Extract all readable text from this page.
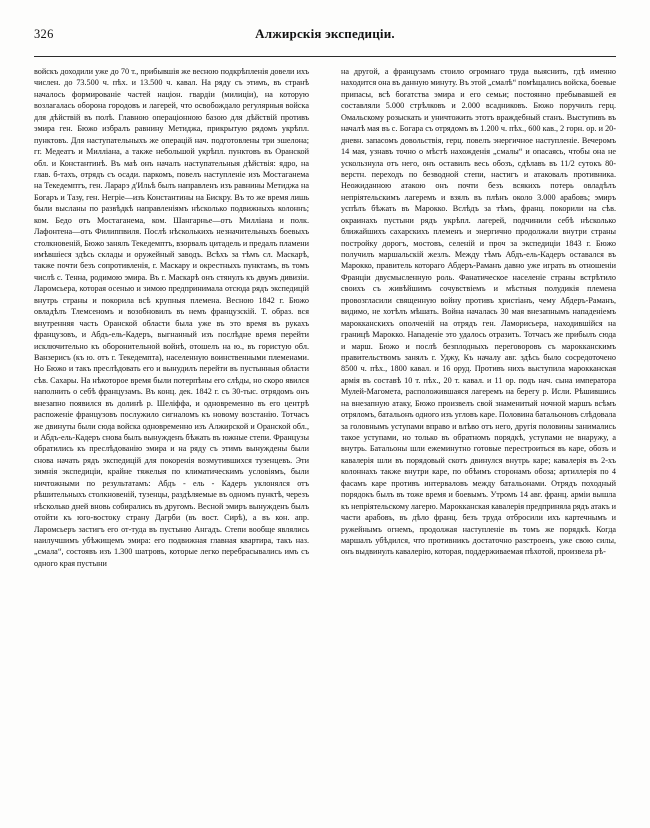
326	Алжирскія экспедиціи.

войскъ доходили уже до 70 т., прибывшія же весною подкрѣпленія довели ихъ числен. до 73.500 ч. пѣх. и 13.500 ч. кавал. На ряду съ этимъ, въ странѣ началось формированіе частей націон. гвардіи (милиціи), на которую возлагалась оборона городовъ и лагерей, что освобождало регулярныя войска для дѣйствій въ полѣ. Главною операціонною базою для дѣйствій противъ эмира ген. Бюжо избралъ равнину Метиджа, прикрытую рядомъ укрѣпл. пунктовъ. Для наступательныхъ же операцій нач. подготовлены три эшелона; гг. Медеатъ и Милліана, а также небольшой укрѣпл. пунктовъ въ Оранской обл. и Константинѣ. Въ маѣ онъ началъ наступательныя дѣйствія: ядро, на глав. б-тахъ, отрядъ съ осади. паркомъ, повелъ наступленіе изъ Мостаганема на Текедемптъ, ген. Ларарэ д'Ильѣ былъ направленъ изъ равнины Метиджа на Богаръ и Тазу, ген. Негріе—изъ Константины на Бискру. Въ то же время лишь были высланы по развѣдкѣ направленіямъ нѣсколько подвижныхъ колоннъ; ком. Бедо отъ Мостаганема, ком. Шангарнье—отъ Милліана и полк. Лафонтена—отъ Филиппвиля. Послѣ нѣсколькихъ незначительныхъ боевыхъ столкновеній, Бюжо занялъ Текедемптъ, взорвалъ цитадель и предалъ пламени имѣвшіеся здѣсь склады и оружейный заводъ. Всѣхъ за тѣмъ сл. Маскарѣ, также почти безъ сопротивленія, г. Маскару и окрестныхъ пунктамъ, въ томъ числѣ с. Тенна, родимою эмира. Въ г. Маскарѣ онъ стянулъ къ двумъ дивизіи. Ларомсьера, которая осенью и зимою предпринимала отсюда рядъ экспедицій внутрь страны и покорила всѣ крупныя племена. Весною 1842 г. Бюжо овладѣлъ Тлемсеномъ и возобновилъ въ немъ французскій. Т. образ. вся внутренняя часть Оранской области была уже въ это время въ рукахъ французовъ, и Абдъ-ель-Кадеръ, выгнанный изъ послѣдне время перейти исключительно къ оборонительной войнѣ, отошелъ на ю., въ гористую обл. Ванзерисъ (къ ю. отъ г. Текедемпта), населенную воинственными племенами. Но Бюжо и такъ преслѣдовать его и вынудилъ перейти въ пустынныя области сѣв. Сахары. На нѣкоторое время были потерпѣны его слѣды, но скоро явился наполнить о себѣ французамъ. Въ конц. дек. 1842 г. съ 30-тыс. отрядомъ онъ внезапно появился въ долинѣ р. Шеліффа, и одновременно въ его центрѣ распоженіе французовъ послужило сигналомъ къ новому возстанію. Тотчасъ же двинуты были сюда войска одновременно изъ Алжирской и Оранской обл., и Абдъ-ель-Кадеръ снова былъ вынужденъ бѣжать въ южные степи. Французы обратились къ преслѣдованію эмира и на ряду съ этимъ вынуждены были снова начать рядъ экспедицій для покоренія возмутившихся тузенцевъ. Эти зимнія экспедиціи, крайне тяжелыя по климатическимъ условіямъ, были ничтожными по результатамъ: Абдъ - ель - Кадеръ уклонялся отъ рѣшительныхъ столкновеній, тузенцы, раздѣляемые въ одномъ пунктѣ, черезъ нѣсколько дней вновь собирались въ другомъ. Весной эмиръ вынужденъ былъ отойти къ юго-востоку страну Дагрби (въ вост. Сирѣ), а въ кон. апр. Ларомсьеръ застигъ его от-туда въ пустыню Ангадъ. Степи вообще являлись наилучшимъ убѣжищемъ эмира: его подвижная главная квартира, такъ наз. „смала“, состоявъ изъ 1.300 шатровъ, которые легко перебрасывались имъ съ одного края пустыни

на другой, а французамъ стоило огромнаго труда выяснить, гдѣ именно находится она въ данную минуту. Въ этой „смалѣ“ помѣщались войска, боевые припасы, всѣ богатства эмира и его семьи; постоянно пребывавшей ея составляли 5.000 стрѣлковъ и 2.000 всадниковъ. Бюжо поручилъ герц. Омальскому розыскать и уничтожить этотъ враждебный станъ. Выступивъ въ началѣ мая въ с. Богара съ отрядомъ въ 1.200 ч. пѣх., 600 кав., 2 горн. ор. и 20-дневн. запасомъ довольствія, герц. повелъ энергичное наступленіе. Вечеромъ 14 мая, узнавъ точно о мѣстѣ нахожденія „смалы“ и опасаясь, чтобы она не ускользнула отъ него, онъ оставилъ весь обозъ, сдѣлавъ въ 11/2 сутокъ 80-верстн. переходъ по безводной степи, настигъ и атаковалъ противника. Неожиданною атакою онъ почти безъ всякихъ потерь овладѣлъ непріятельскимъ лагеремъ и взялъ въ плѣнъ около 3.000 арабовъ; эмиръ успѣлъ бѣжать въ Марокко. Вслѣдъ за тѣмъ, франц. покорили на сѣв. окраинахъ пустыни рядъ укрѣпл. лагерей, подчинили себѣ нѣсколько ближайшихъ сахарскихъ племенъ и энергично продолжали внутри страны постройку дорогъ, мостовъ, селеній и проч за экспедиціи 1843 г. Бюжо получилъ маршальскій жезлъ. Между тѣмъ Абдъ-ель-Кадеръ оставался въ Марокко, правитель котораго Абдеръ-Раманъ давно уже играть въ отношеніи Франціи двусмысленную роль. Фанатическое населеніе страны встрѣтило своихъ съ живѣйшимъ сочувствіемъ и мѣстныя полудикія племена провозгласили священную войну противъ христіанъ, чему Абдеръ-Раманъ, видимо, не хотѣлъ мѣшать. Война началась 30 мая внезапнымъ нападеніемъ марокканскихъ ополченій на отрядъ ген. Ламорисьера, находившійся на границѣ Марокко. Нападеніе это удалось отразить. Тотчасъ же прибылъ сюда и марш. Бюжо и послѣ безплодныхъ переговоровъ съ марокканскимъ правительствомъ занялъ г. Уджу, Къ началу авг. здѣсь было сосредоточено 8500 ч. пѣх., 1800 кавал. и 16 оруд. Противъ нихъ выступила марокканская армія въ составѣ 10 т. пѣх., 20 т. кавал. и 11 ор. подъ нач. сына императора Мулей-Магомета, расположившаяся лагеремъ на берегу р. Исли. Рѣшившись на внезапную атаку, Бюжо произвелъ свой знаменитый ночной маршъ всѣмъ отряломъ, батальонъ одного изъ угловъ каре. Половина батальоновъ слѣдовала за головнымъ уступами вправо и влѣво отъ него, другія половины занимались такое уступами, но только въ обратномъ порядкѣ, уступами не внаружу, а внутрь. Батальоны шли ежеминутно готовые перестроиться въ каре, обозъ и кавалерія шли въ порядовый скотъ двинулся внутрь каре; кавалерія въ 2-хъ колоннахъ также внутри каре, по обѣимъ сторонамъ обоза; артиллерія по 4 фасамъ каре противъ интерваловъ между батальонами. Отрядъ походный порядокъ былъ въ тоже время и боевымъ. Утромъ 14 авг. франц. арміи вышла къ непріятельскому лагерю. Марокканская кавалерія предприняла рядъ атакъ и части арабовъ, въ дѣло франц. безъ труда отбросили ихъ картечнымъ и ружейнымъ огнемъ, продолжая наступленіе въ томъ же порядкѣ. Когда маршалъ убѣдился, что противникъ достаточно разстроенъ, уже свою силы, онъ выдвинулъ кавалерію, которая, поддерживаемая пѣхотой, произвела рѣ-
